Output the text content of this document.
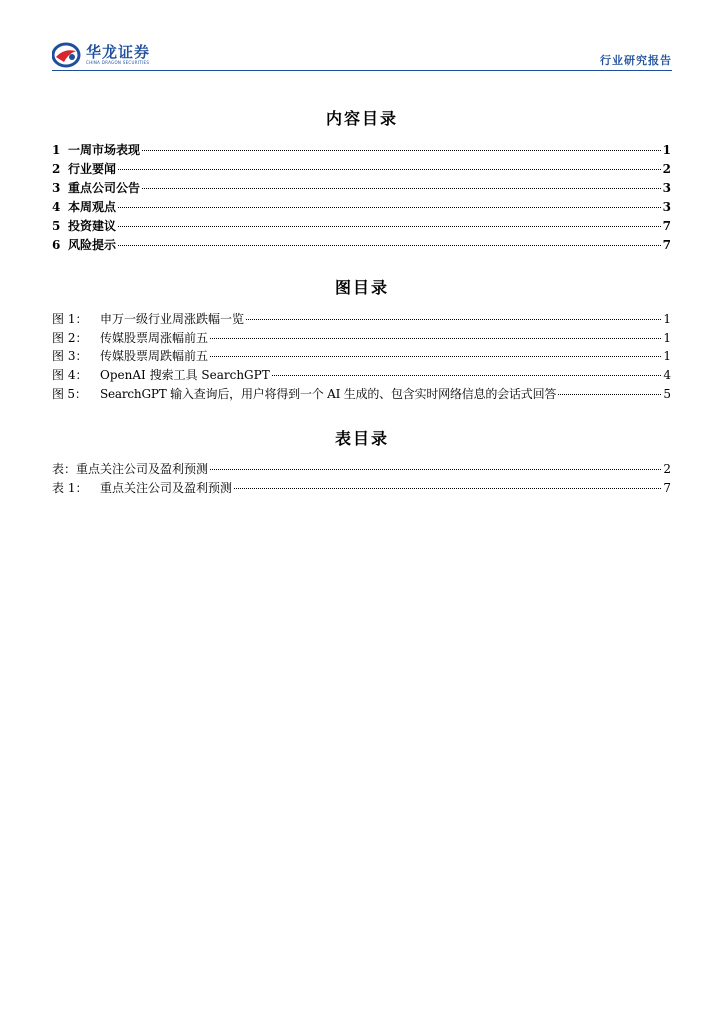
华龙证券
CHINA DRAGON SECURITIES	行业研究报告
内容目录
1 一周市场表现	1
2 行业要闻	2
3 重点公司公告	3
4 本周观点	3
5 投资建议	7
6 风险提示	7
图目录
图 1： 申万一级行业周涨跌幅一览	1
图 2： 传媒股票周涨幅前五	1
图 3： 传媒股票周跌幅前五	1
图 4： OpenAI 搜索工具 SearchGPT	4
图 5： SearchGPT 输入查询后，用户将得到一个 AI 生成的、包含实时网络信息的会话式回答	5
表目录
表：重点关注公司及盈利预测	2
表 1： 重点关注公司及盈利预测	7
